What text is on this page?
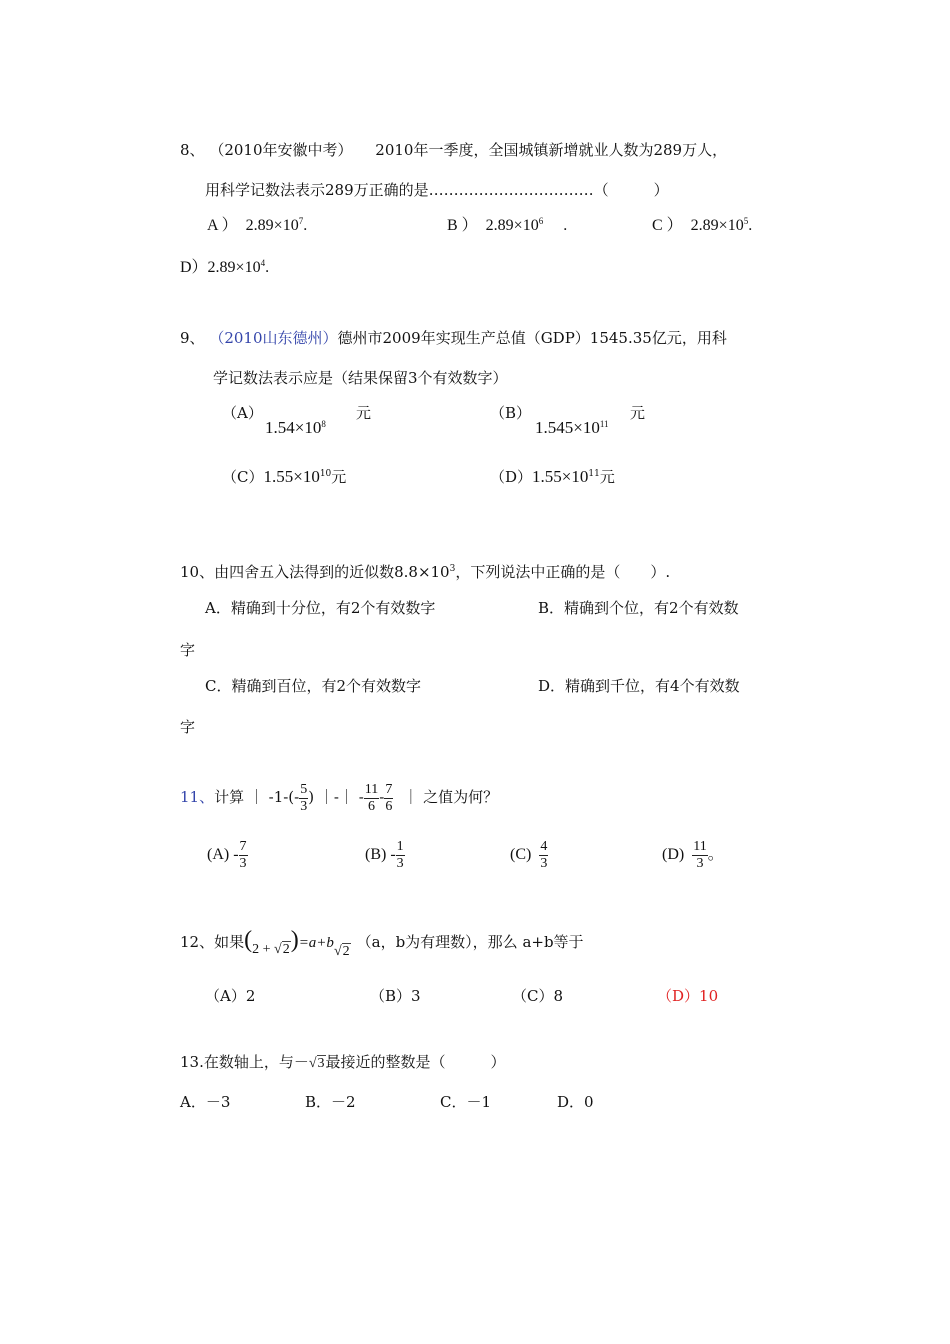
8、 （2010年安徽中考） 2010年一季度，全国城镇新增就业人数为289万人，
用科学记数法表示289万正确的是……………………………（　　　）
A ）　$2.89\times 10^7$.	B ）　$2.89\times 10^6$ .	C ）　$2.89\times 10^5$.
$D)2.89\times 10^4$.
9、 （2010山东德州）德州市2009年实现生产总值（GDP）1545.35亿元，用科
学记数法表示应是（结果保留3个有效数字）
（A）
$1.54\times 10^8$
元	（B）
$1.545\times 10^{11}$
元
$(C)1.55\times 10^{10}$元	$(D)1.55\times 10^{11}$元
10、由四舍五入法得到的近似数$8.8\times 10^3$，下列说法中正确的是（　　）.
A．精确到十分位，有2个有效数字	B．精确到个位，有2个有效数
字
C．精确到百位，有2个有效数字	D．精确到千位，有4个有效数
字
11、计算 ｜ $-1-(- \frac{5}{3}$ ) ｜-｜ - $\frac{11}{6} - \frac{7}{6}$ ｜ 之值为何？
$(A) - \frac{7}{3}$	$(B) - \frac{1}{3}$	$(C) \frac{4}{3}$	$(D) \frac{11}{3}$ 。
12、如果(2 + √2)=a+b√2（a，b为有理数），那么 a+b等于
（A）2	（B）3	（C）8	（D）10
13.在数轴上，与－√3最接近的整数是（　　　）
A．－3	B．－2	C．－1	D．0
